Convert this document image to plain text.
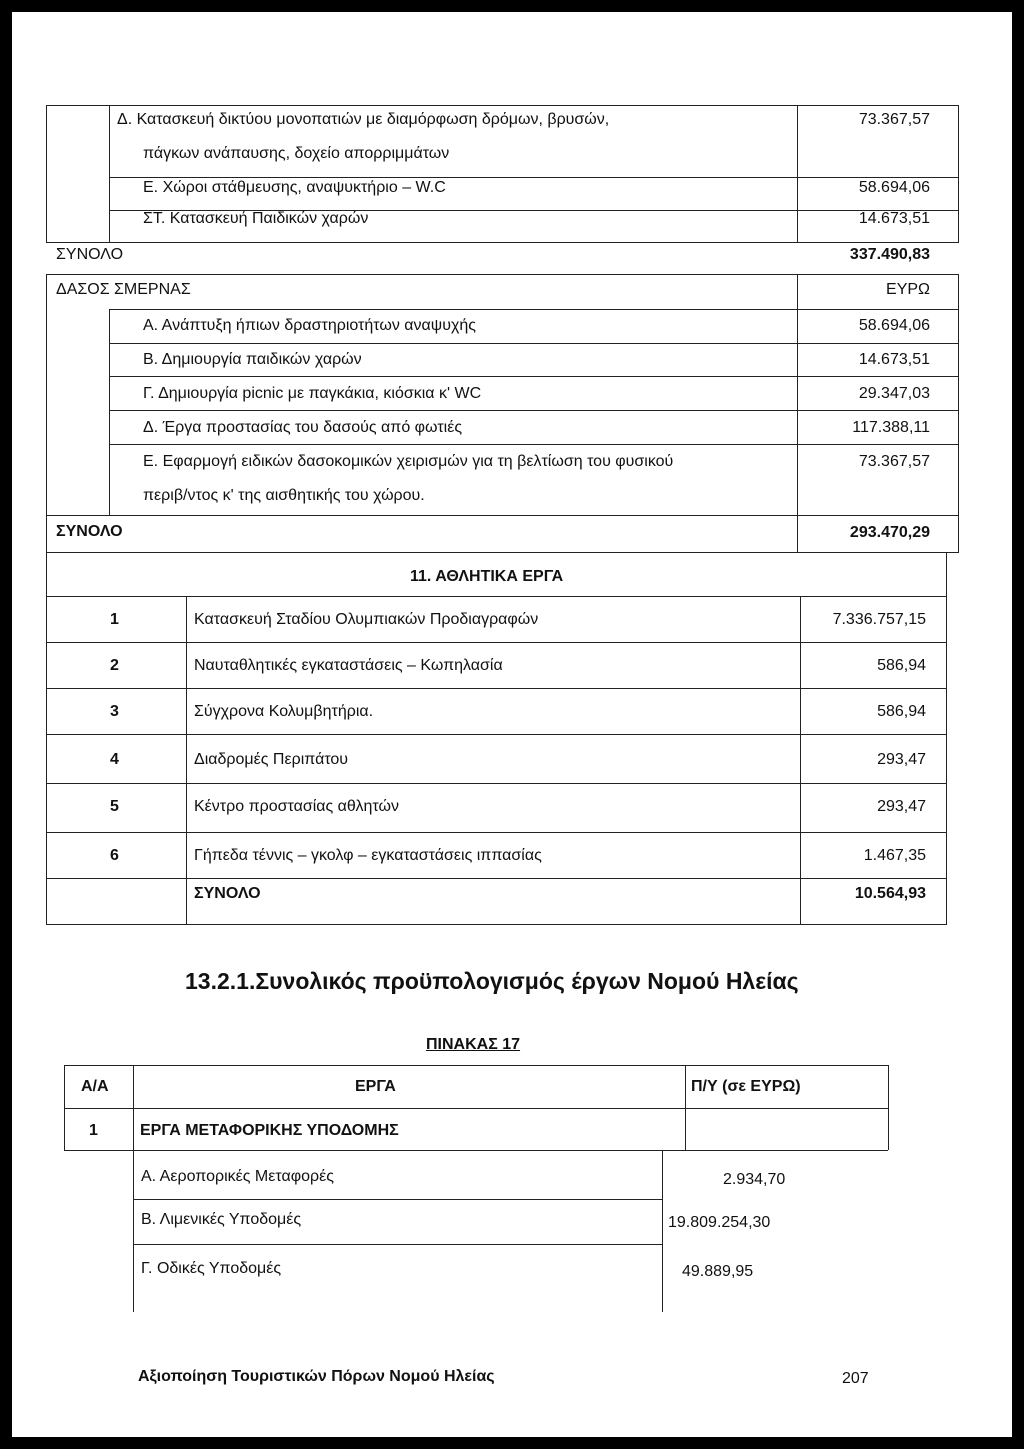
Δ. Κατασκευή δικτύου μονοπατιών με διαμόρφωση δρόμων, βρυσών,
πάγκων ανάπαυσης, δοχείο απορριμμάτων
73.367,57
Ε. Χώροι στάθμευσης, αναψυκτήριο – W.C	58.694,06
ΣΤ. Κατασκευή Παιδικών χαρών	14.673,51
ΣΥΝΟΛΟ	337.490,83
ΔΑΣΟΣ ΣΜΕΡΝΑΣ	ΕΥΡΩ
Α. Ανάπτυξη ήπιων δραστηριοτήτων αναψυχής	58.694,06
Β. Δημιουργία παιδικών χαρών	14.673,51
Γ. Δημιουργία picnic με παγκάκια, κιόσκια κ' WC	29.347,03
Δ. Έργα προστασίας του δασούς από φωτιές	117.388,11
Ε. Εφαρμογή ειδικών δασοκομικών χειρισμών για τη βελτίωση του φυσικού
περιβ/ντος κ' της αισθητικής του χώρου.
73.367,57
ΣΥΝΟΛΟ	293.470,29
11. ΑΘΛΗΤΙΚΑ ΕΡΓΑ
1	Κατασκευή Σταδίου Ολυμπιακών Προδιαγραφών	7.336.757,15
2	Ναυταθλητικές εγκαταστάσεις – Κωπηλασία	586,94
3	Σύγχρονα Κολυμβητήρια.	586,94
4	Διαδρομές Περιπάτου	293,47
5	Κέντρο προστασίας αθλητών	293,47
6	Γήπεδα τέννις – γκολφ – εγκαταστάσεις ιππασίας	1.467,35
ΣΥΝΟΛΟ	10.564,93
13.2.1.Συνολικός προϋπολογισμός έργων Νομού Ηλείας
ΠΙΝΑΚΑΣ 17
Α/Α	ΕΡΓΑ	Π/Υ (σε ΕΥΡΩ)
1	ΕΡΓΑ ΜΕΤΑΦΟΡΙΚΗΣ ΥΠΟΔΟΜΗΣ
Α. Αεροπορικές Μεταφορές	2.934,70
Β. Λιμενικές Υποδομές	19.809.254,30
Γ. Οδικές Υποδομές	49.889,95
Αξιοποίηση Τουριστικών Πόρων Νομού Ηλείας	207
